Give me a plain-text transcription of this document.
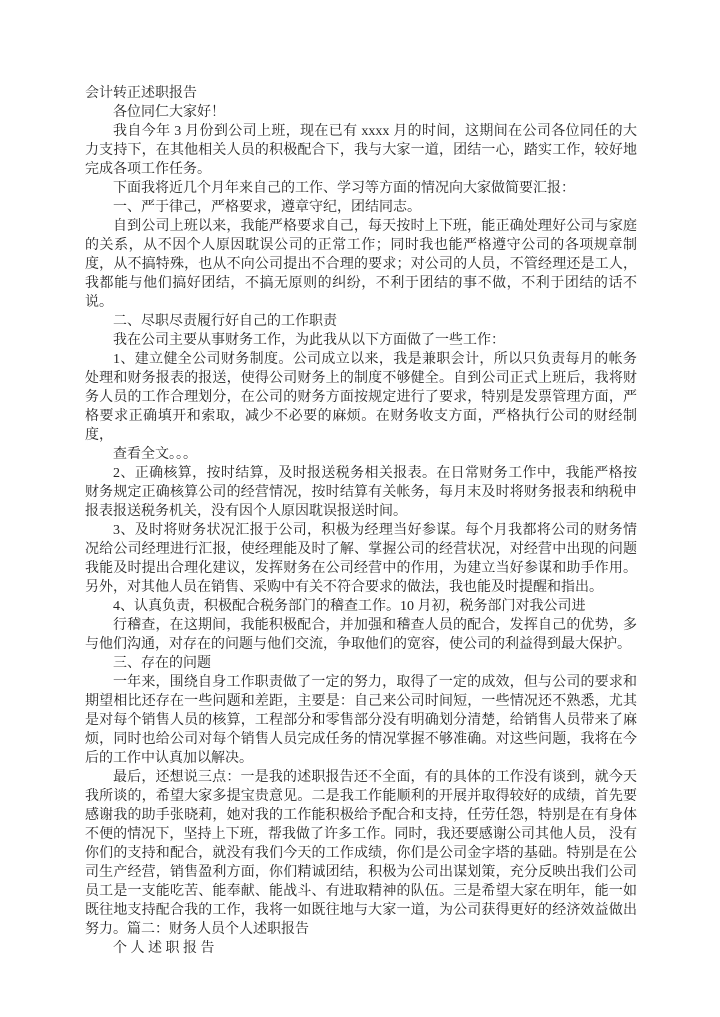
会计转正述职报告

各位同仁大家好！

我自今年 3 月份到公司上班，现在已有 xxxx 月的时间，这期间在公司各位同任的大力支持下，在其他相关人员的积极配合下，我与大家一道，团结一心，踏实工作，较好地完成各项工作任务。

下面我将近几个月年来自己的工作、学习等方面的情况向大家做简要汇报：

一、严于律己，严格要求，遵章守纪，团结同志。

自到公司上班以来，我能严格要求自己，每天按时上下班，能正确处理好公司与家庭的关系，从不因个人原因耽误公司的正常工作；同时我也能严格遵守公司的各项规章制度，从不搞特殊，也从不向公司提出不合理的要求；对公司的人员，不管经理还是工人，我都能与他们搞好团结，不搞无原则的纠纷，不利于团结的事不做，不利于团结的话不说。

二、尽职尽责履行好自己的工作职责

我在公司主要从事财务工作，为此我从以下方面做了一些工作：

1、建立健全公司财务制度。公司成立以来，我是兼职会计，所以只负责每月的帐务处理和财务报表的报送，使得公司财务上的制度不够健全。自到公司正式上班后，我将财务人员的工作合理划分，在公司的财务方面按规定进行了要求，特别是发票管理方面，严格要求正确填开和索取，减少不必要的麻烦。在财务收支方面，严格执行公司的财经制度，

查看全文。。。

2、正确核算，按时结算，及时报送税务相关报表。在日常财务工作中，我能严格按财务规定正确核算公司的经营情况，按时结算有关帐务，每月末及时将财务报表和纳税申报表报送税务机关，没有因个人原因耽误报送时间。

3、及时将财务状况汇报于公司，积极为经理当好参谋。每个月我都将公司的财务情况给公司经理进行汇报，使经理能及时了解、掌握公司的经营状况，对经营中出现的问题我能及时提出合理化建议，发挥财务在公司经营中的作用，为建立当好参谋和助手作用。另外，对其他人员在销售、采购中有关不符合要求的做法，我也能及时提醒和指出。

4、认真负责，积极配合税务部门的稽查工作。10 月初，税务部门对我公司进

行稽查，在这期间，我能积极配合，并加强和稽查人员的配合，发挥自己的优势，多与他们沟通，对存在的问题与他们交流，争取他们的宽容，使公司的利益得到最大保护。

三、存在的问题

一年来，围绕自身工作职责做了一定的努力，取得了一定的成效，但与公司的要求和期望相比还存在一些问题和差距，主要是：自己来公司时间短，一些情况还不熟悉，尤其是对每个销售人员的核算，工程部分和零售部分没有明确划分清楚，给销售人员带来了麻烦，同时也给公司对每个销售人员完成任务的情况掌握不够准确。对这些问题，我将在今后的工作中认真加以解决。

最后，还想说三点：一是我的述职报告还不全面，有的具体的工作没有谈到，就今天我所谈的，希望大家多提宝贵意见。二是我工作能顺利的开展并取得较好的成绩，首先要感谢我的助手张晓莉，她对我的工作能积极给予配合和支持，任劳任怨，特别是在有身体不便的情况下，坚持上下班，帮我做了许多工作。同时，我还要感谢公司其他人员， 没有你们的支持和配合，就没有我们今天的工作成绩，你们是公司金字塔的基础。特别是在公司生产经营，销售盈利方面，你们精诚团结，积极为公司出谋划策，充分反映出我们公司员工是一支能吃苦、能奉献、能战斗、有进取精神的队伍。三是希望大家在明年，能一如既往地支持配合我的工作，我将一如既往地与大家一道，为公司获得更好的经济效益做出努力。篇二：财务人员个人述职报告

个 人 述 职 报 告
